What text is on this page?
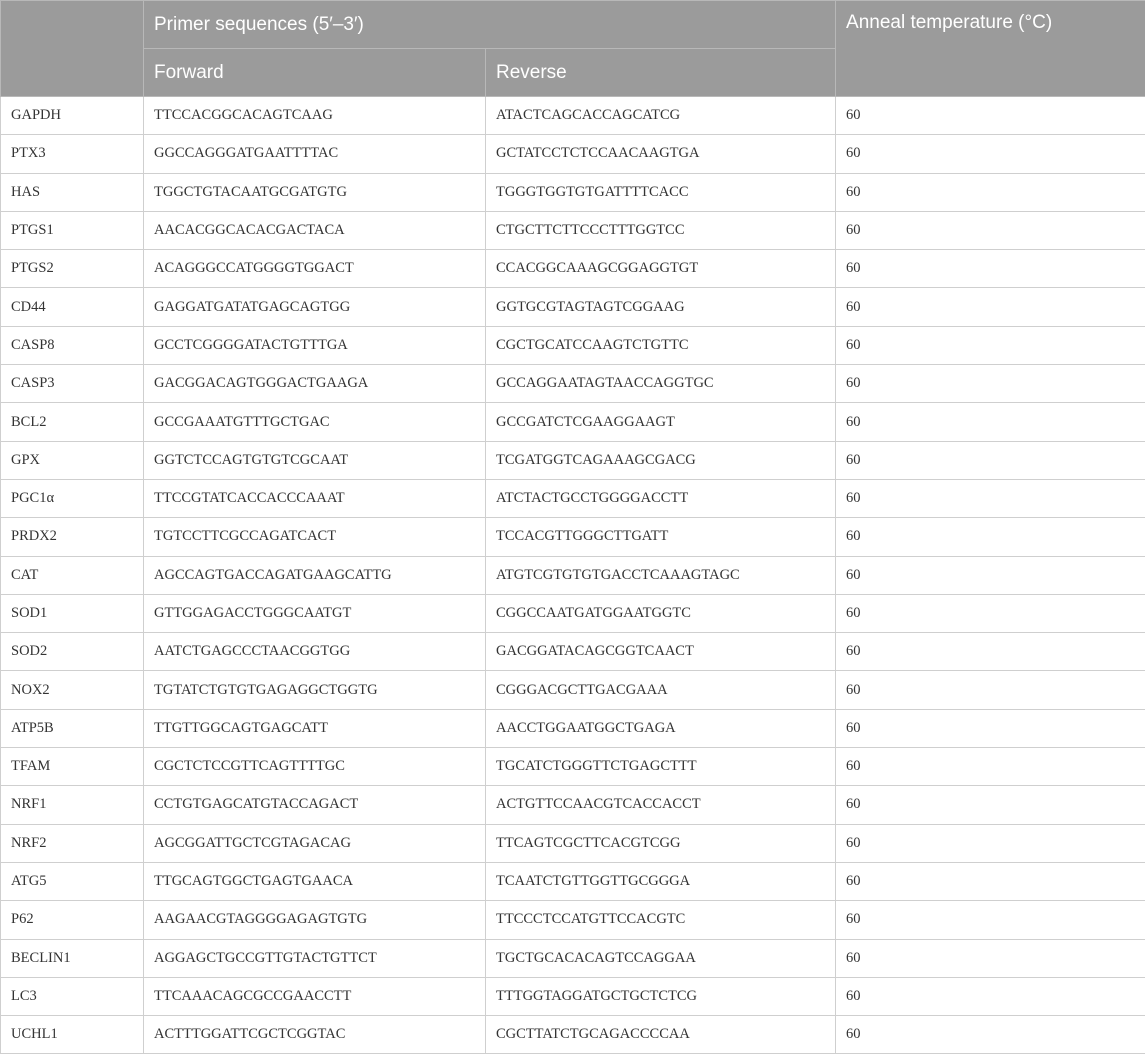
	Primer sequences (5′–3′)		Anneal temperature (°C)
	Forward	Reverse	
GAPDH	TTCCACGGCACAGTCAAG	ATACTCAGCACCAGCATCG	60
PTX3	GGCCAGGGATGAATTTTAC	GCTATCCTCTCCAACAAGTGA	60
HAS	TGGCTGTACAATGCGATGTG	TGGGTGGTGTGATTTTCACC	60
PTGS1	AACACGGCACACGACTACA	CTGCTTCTTCCCTTTGGTCC	60
PTGS2	ACAGGGCCATGGGGTGGACT	CCACGGCAAAGCGGAGGTGT	60
CD44	GAGGATGATATGAGCAGTGG	GGTGCGTAGTAGTCGGAAG	60
CASP8	GCCTCGGGGATACTGTTTGA	CGCTGCATCCAAGTCTGTTC	60
CASP3	GACGGACAGTGGGACTGAAGA	GCCAGGAATAGTAACCAGGTGC	60
BCL2	GCCGAAATGTTTGCTGAC	GCCGATCTCGAAGGAAGT	60
GPX	GGTCTCCAGTGTGTCGCAAT	TCGATGGTCAGAAAGCGACG	60
PGC1α	TTCCGTATCACCACCCAAAT	ATCTACTGCCTGGGGACCTT	60
PRDX2	TGTCCTTCGCCAGATCACT	TCCACGTTGGGCTTGATT	60
CAT	AGCCAGTGACCAGATGAAGCATTG	ATGTCGTGTGTGACCTCAAAGTAGC	60
SOD1	GTTGGAGACCTGGGCAATGT	CGGCCAATGATGGAATGGTC	60
SOD2	AATCTGAGCCCTAACGGTGG	GACGGATACAGCGGTCAACT	60
NOX2	TGTATCTGTGTGAGAGGCTGGTG	CGGGACGCTTGACGAAA	60
ATP5B	TTGTTGGCAGTGAGCATT	AACCTGGAATGGCTGAGA	60
TFAM	CGCTCTCCGTTCAGTTTTGC	TGCATCTGGGTTCTGAGCTTT	60
NRF1	CCTGTGAGCATGTACCAGACT	ACTGTTCCAACGTCACCACCT	60
NRF2	AGCGGATTGCTCGTAGACAG	TTCAGTCGCTTCACGTCGG	60
ATG5	TTGCAGTGGCTGAGTGAACA	TCAATCTGTTGGTTGCGGGA	60
P62	AAGAACGTAGGGGAGAGTGTG	TTCCCTCCATGTTCCACGTC	60
BECLIN1	AGGAGCTGCCGTTGTACTGTTCT	TGCTGCACACAGTCCAGGAA	60
LC3	TTCAAACAGCGCCGAACCTT	TTTGGTAGGATGCTGCTCTCG	60
UCHL1	ACTTTGGATTCGCTCGGTAC	CGCTTATCTGCAGACCCCAA	60
